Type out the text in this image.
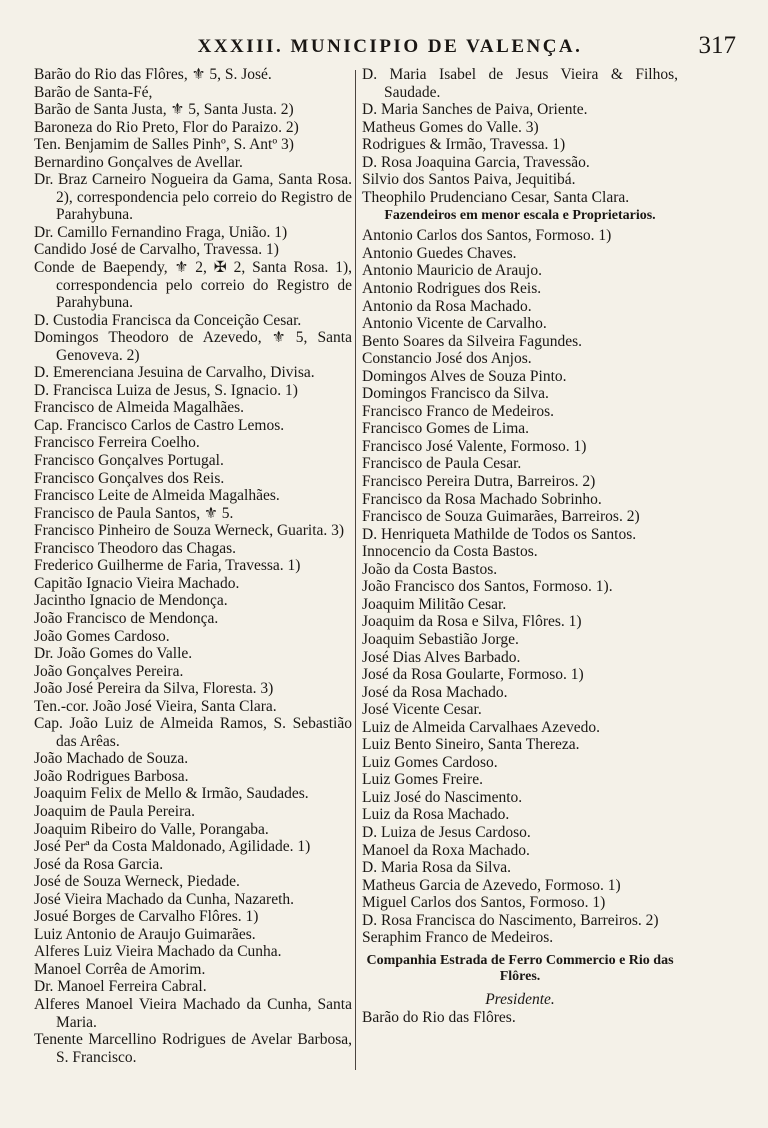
XXXIII. MUNICIPIO DE VALENÇA.	317
Barão do Rio das Flôres, ⚜ 5, S. José.
Barão de Santa-Fé,
Barão de Santa Justa, ⚜ 5, Santa Justa. 2)
Baroneza do Rio Preto, Flor do Paraizo. 2)
Ten. Benjamim de Salles Pinhº, S. Antº 3)
Bernardino Gonçalves de Avellar.
Dr. Braz Carneiro Nogueira da Gama, Santa Rosa. 2), correspondencia pelo correio do Registro de Parahybuna.
Dr. Camillo Fernandino Fraga, União. 1)
Candido José de Carvalho, Travessa. 1)
Conde de Baependy, ⚜ 2, ✠ 2, Santa Rosa. 1), correspondencia pelo correio do Registro de Parahybuna.
D. Custodia Francisca da Conceição Cesar.
Domingos Theodoro de Azevedo, ⚜ 5, Santa Genoveva. 2)
D. Emerenciana Jesuina de Carvalho, Divisa.
D. Francisca Luiza de Jesus, S. Ignacio. 1)
Francisco de Almeida Magalhães.
Cap. Francisco Carlos de Castro Lemos.
Francisco Ferreira Coelho.
Francisco Gonçalves Portugal.
Francisco Gonçalves dos Reis.
Francisco Leite de Almeida Magalhães.
Francisco de Paula Santos, ⚜ 5.
Francisco Pinheiro de Souza Werneck, Guarita. 3)
Francisco Theodoro das Chagas.
Frederico Guilherme de Faria, Travessa. 1)
Capitão Ignacio Vieira Machado.
Jacintho Ignacio de Mendonça.
João Francisco de Mendonça.
João Gomes Cardoso.
Dr. João Gomes do Valle.
João Gonçalves Pereira.
João José Pereira da Silva, Floresta. 3)
Ten.-cor. João José Vieira, Santa Clara.
Cap. João Luiz de Almeida Ramos, S. Sebastião das Arêas.
João Machado de Souza.
João Rodrigues Barbosa.
Joaquim Felix de Mello & Irmão, Saudades.
Joaquim de Paula Pereira.
Joaquim Ribeiro do Valle, Porangaba.
José Perª da Costa Maldonado, Agilidade. 1)
José da Rosa Garcia.
José de Souza Werneck, Piedade.
José Vieira Machado da Cunha, Nazareth.
Josué Borges de Carvalho Flôres. 1)
Luiz Antonio de Araujo Guimarães.
Alferes Luiz Vieira Machado da Cunha.
Manoel Corrêa de Amorim.
Dr. Manoel Ferreira Cabral.
Alferes Manoel Vieira Machado da Cunha, Santa Maria.
Tenente Marcellino Rodrigues de Avelar Barbosa, S. Francisco.
D. Maria Isabel de Jesus Vieira & Filhos, Saudade.
D. Maria Sanches de Paiva, Oriente.
Matheus Gomes do Valle. 3)
Rodrigues & Irmão, Travessa. 1)
D. Rosa Joaquina Garcia, Travessão.
Silvio dos Santos Paiva, Jequitibá.
Theophilo Prudenciano Cesar, Santa Clara.
Fazendeiros em menor escala e Proprietarios.
Antonio Carlos dos Santos, Formoso. 1)
Antonio Guedes Chaves.
Antonio Mauricio de Araujo.
Antonio Rodrigues dos Reis.
Antonio da Rosa Machado.
Antonio Vicente de Carvalho.
Bento Soares da Silveira Fagundes.
Constancio José dos Anjos.
Domingos Alves de Souza Pinto.
Domingos Francisco da Silva.
Francisco Franco de Medeiros.
Francisco Gomes de Lima.
Francisco José Valente, Formoso. 1)
Francisco de Paula Cesar.
Francisco Pereira Dutra, Barreiros. 2)
Francisco da Rosa Machado Sobrinho.
Francisco de Souza Guimarães, Barreiros. 2)
D. Henriqueta Mathilde de Todos os Santos.
Innocencio da Costa Bastos.
João da Costa Bastos.
João Francisco dos Santos, Formoso. 1).
Joaquim Militão Cesar.
Joaquim da Rosa e Silva, Flôres. 1)
Joaquim Sebastião Jorge.
José Dias Alves Barbado.
José da Rosa Goularte, Formoso. 1)
José da Rosa Machado.
José Vicente Cesar.
Luiz de Almeida Carvalhaes Azevedo.
Luiz Bento Sineiro, Santa Thereza.
Luiz Gomes Cardoso.
Luiz Gomes Freire.
Luiz José do Nascimento.
Luiz da Rosa Machado.
D. Luiza de Jesus Cardoso.
Manoel da Roxa Machado.
D. Maria Rosa da Silva.
Matheus Garcia de Azevedo, Formoso. 1)
Miguel Carlos dos Santos, Formoso. 1)
D. Rosa Francisca do Nascimento, Barreiros. 2)
Seraphim Franco de Medeiros.
Companhia Estrada de Ferro Commercio e Rio das Flôres.
Presidente.
Barão do Rio das Flôres.
